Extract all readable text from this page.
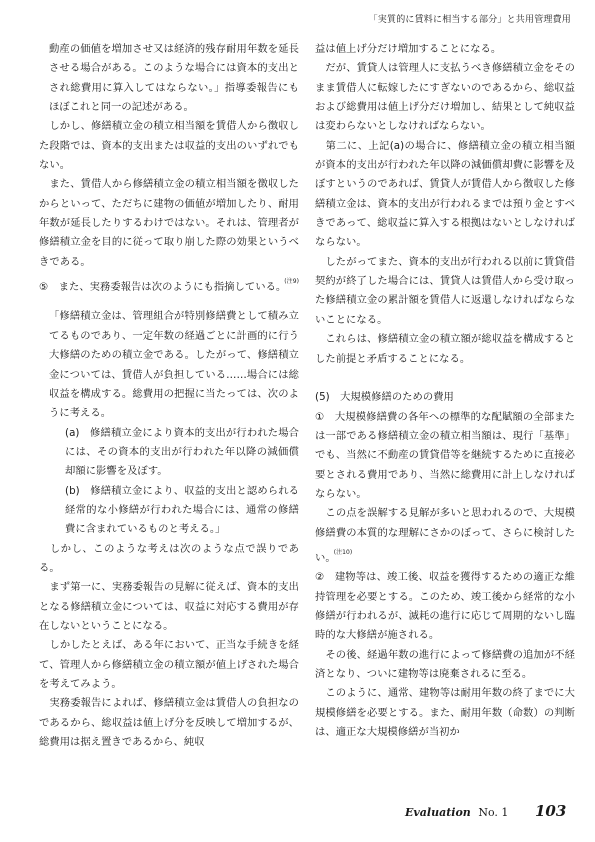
「実質的に賃料に相当する部分」と共用管理費用

動産の価値を増加させ又は経済的残存耐用年数を延長させる場合がある。このような場合には資本的支出とされ総費用に算入してはならない。」指導委報告にもほぼこれと同一の記述がある。

　しかし、修繕積立金の積立相当額を賃借人から徴収した段階では、資本的支出または収益的支出のいずれでもない。

　また、賃借人から修繕積立金の積立相当額を徴収したからといって、ただちに建物の価値が増加したり、耐用年数が延長したりするわけではない。それは、管理者が修繕積立金を目的に従って取り崩した際の効果というべきである。

⑤　また、実務委報告は次のようにも指摘している。$^{(注9)}$

「修繕積立金は、管理組合が特別修繕費として積み立てるものであり、一定年数の経過ごとに計画的に行う大修繕のための積立金である。したがって、修繕積立金については、賃借人が負担している……場合には総収益を構成する。総費用の把握に当たっては、次のように考える。

(a)　修繕積立金により資本的支出が行われた場合には、その資本的支出が行われた年以降の減価償却額に影響を及ぼす。

(b)　修繕積立金により、収益的支出と認められる経常的な小修繕が行われた場合には、通常の修繕費に含まれているものと考える。」

　しかし、このような考えは次のような点で誤りである。

　まず第一に、実務委報告の見解に従えば、資本的支出となる修繕積立金については、収益に対応する費用が存在しないということになる。

　しかしたとえば、ある年において、正当な手続きを経て、管理人から修繕積立金の積立額が値上げされた場合を考えてみよう。

　実務委報告によれば、修繕積立金は賃借人の負担なのであるから、総収益は値上げ分を反映して増加するが、総費用は据え置きであるから、純収

益は値上げ分だけ増加することになる。

　だが、賃貸人は管理人に支払うべき修繕積立金をそのまま賃借人に転嫁したにすぎないのであるから、総収益および総費用は値上げ分だけ増加し、結果として純収益は変わらないとしなければならない。

　第二に、上記(a)の場合に、修繕積立金の積立相当額が資本的支出が行われた年以降の減価償却費に影響を及ぼすというのであれば、賃貸人が賃借人から徴収した修繕積立金は、資本的支出が行われるまでは預り金とすべきであって、総収益に算入する根拠はないとしなければならない。

　したがってまた、資本的支出が行われる以前に賃貸借契約が終了した場合には、賃貸人は賃借人から受け取った修繕積立金の累計額を賃借人に返還しなければならないことになる。

　これらは、修繕積立金の積立額が総収益を構成するとした前提と矛盾することになる。

(5)　大規模修繕のための費用

①　大規模修繕費の各年への標準的な配賦額の全部または一部である修繕積立金の積立相当額は、現行「基準」でも、当然に不動産の賃貸借等を継続するために直接必要とされる費用であり、当然に総費用に計上しなければならない。

　この点を誤解する見解が多いと思われるので、大規模修繕費の本質的な理解にさかのぼって、さらに検討したい。$^{(注10)}$

②　建物等は、竣工後、収益を獲得するための適正な維持管理を必要とする。このため、竣工後から経常的な小修繕が行われるが、滅耗の進行に応じて周期的ないし臨時的な大修繕が施される。

　その後、経過年数の進行によって修繕費の追加が不経済となり、ついに建物等は廃棄されるに至る。

　このように、通常、建物等は耐用年数の終了までに大規模修繕を必要とする。また、耐用年数（命数）の判断は、適正な大規模修繕が当初か

Evaluation No. 1 103
